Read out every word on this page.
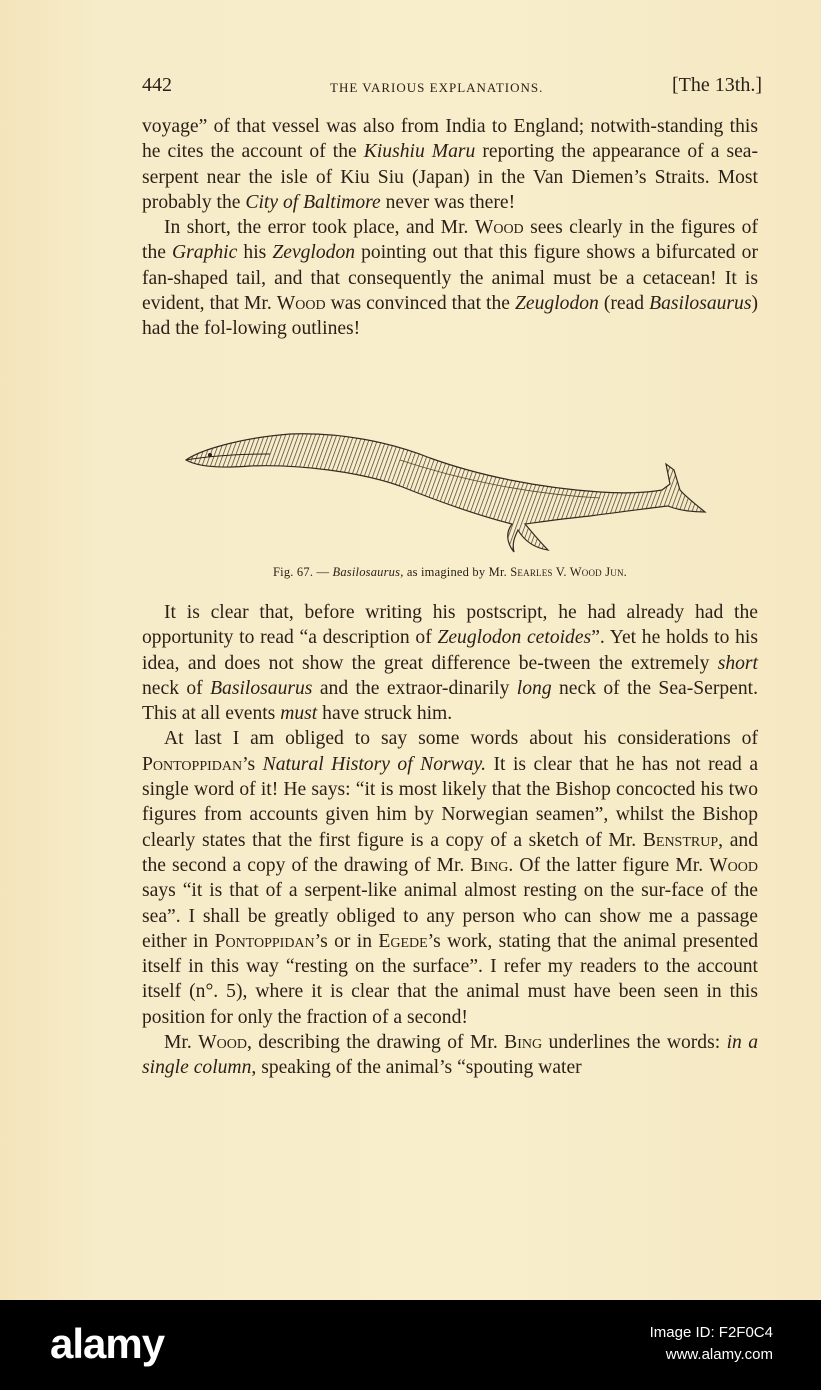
442	THE VARIOUS EXPLANATIONS.	[The 13th.]

voyage” of that vessel was also from India to England; notwith-standing this he cites the account of the Kiushiu Maru reporting the appearance of a sea-serpent near the isle of Kiu Siu (Japan) in the Van Diemen’s Straits. Most probably the City of Baltimore never was there!

In short, the error took place, and Mr. Wood sees clearly in the figures of the Graphic his Zevglodon pointing out that this figure shows a bifurcated or fan-shaped tail, and that consequently the animal must be a cetacean! It is evident, that Mr. Wood was convinced that the Zeuglodon (read Basilosaurus) had the fol-lowing outlines!

Fig. 67. — Basilosaurus, as imagined by Mr. Searles V. Wood Jun.

It is clear that, before writing his postscript, he had already had the opportunity to read “a description of Zeuglodon cetoides”. Yet he holds to his idea, and does not show the great difference be-tween the extremely short neck of Basilosaurus and the extraor-dinarily long neck of the Sea-Serpent. This at all events must have struck him.

At last I am obliged to say some words about his considerations of Pontoppidan’s Natural History of Norway. It is clear that he has not read a single word of it! He says: “it is most likely that the Bishop concocted his two figures from accounts given him by Norwegian seamen”, whilst the Bishop clearly states that the first figure is a copy of a sketch of Mr. Benstrup, and the second a copy of the drawing of Mr. Bing. Of the latter figure Mr. Wood says “it is that of a serpent-like animal almost resting on the sur-face of the sea”. I shall be greatly obliged to any person who can show me a passage either in Pontoppidan’s or in Egede’s work, stating that the animal presented itself in this way “resting on the surface”. I refer my readers to the account itself (n°. 5), where it is clear that the animal must have been seen in this position for only the fraction of a second!

Mr. Wood, describing the drawing of Mr. Bing underlines the words: in a single column, speaking of the animal’s “spouting water

alamy	Image ID: F2F0C4
www.alamy.com
